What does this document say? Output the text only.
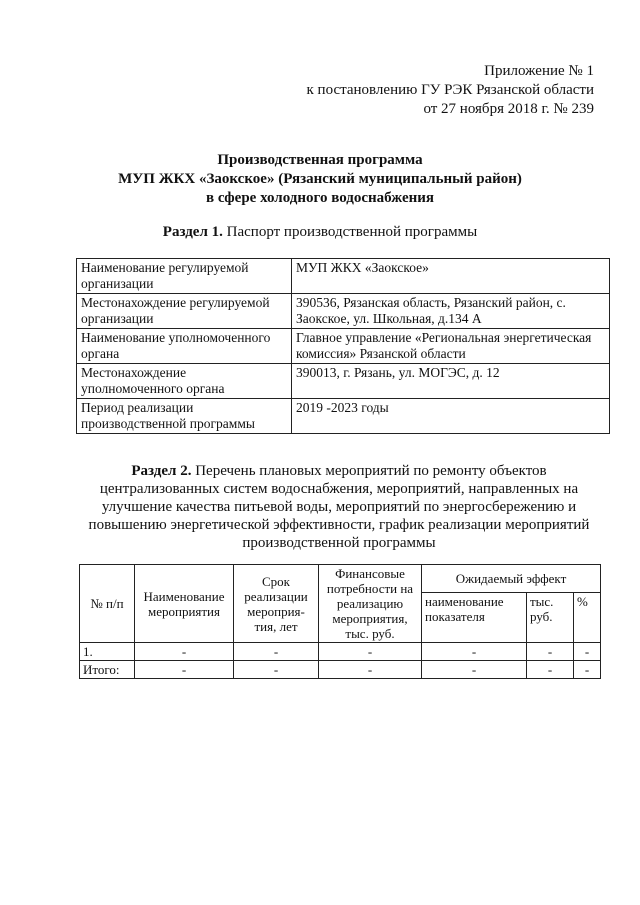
Приложение № 1
к постановлению ГУ РЭК Рязанской области
от 27 ноября 2018 г. № 239
Производственная программа
МУП ЖКХ «Заокское» (Рязанский муниципальный район)
в сфере холодного водоснабжения
Раздел 1. Паспорт производственной программы
Наименование регулируемой организации	МУП ЖКХ «Заокское»
Местонахождение регулируемой организации	390536, Рязанская область, Рязанский район, с. Заокское, ул. Школьная, д.134 А
Наименование уполномоченного органа	Главное управление «Региональная энергетическая комиссия» Рязанской области
Местонахождение уполномоченного органа	390013, г. Рязань, ул. МОГЭС, д. 12
Период реализации производственной программы	2019 -2023 годы
Раздел 2. Перечень плановых мероприятий по ремонту объектов централизованных систем водоснабжения, мероприятий, направленных на улучшение качества питьевой воды, мероприятий по энергосбережению и повышению энергетической эффективности, график реализации мероприятий производственной программы
№ п/п	Наименование мероприятия	Срок реализации мероприя-тия, лет	Финансовые потребности на реализацию мероприятия, тыс. руб.	Ожидаемый эффект		
				наименование показателя	тыс. руб.	%
1.	-	-	-	-	-	-
Итого:	-	-	-	-	-	-
